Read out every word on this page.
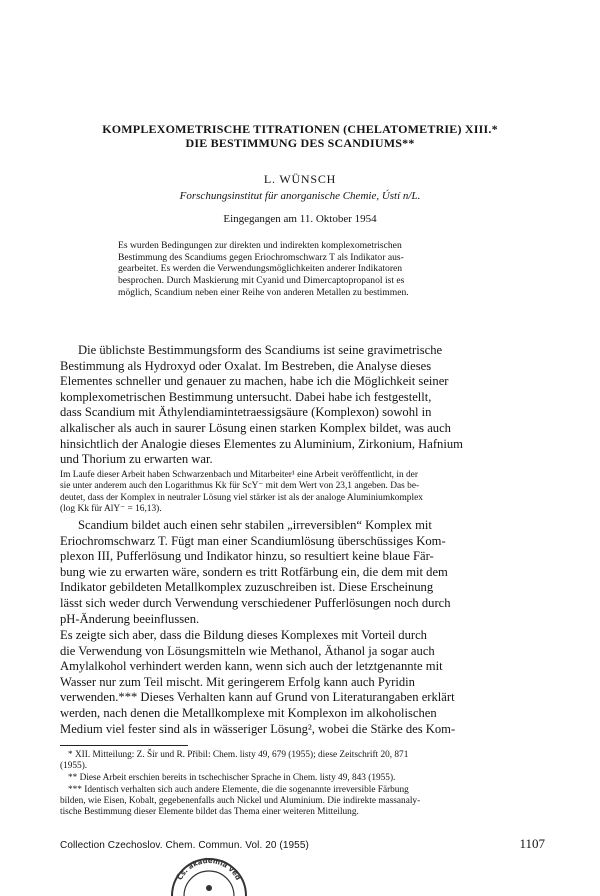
KOMPLEXOMETRISCHE TITRATIONEN (CHELATOMETRIE) XIII.*
DIE BESTIMMUNG DES SCANDIUMS**
L. WÜNSCH
Forschungsinstitut für anorganische Chemie, Ústí n/L.
Eingegangen am 11. Oktober 1954
Es wurden Bedingungen zur direkten und indirekten komplexometrischen
Bestimmung des Scandiums gegen Eriochromschwarz T als Indikator aus-
gearbeitet. Es werden die Verwendungsmöglichkeiten anderer Indikatoren
besprochen. Durch Maskierung mit Cyanid und Dimercaptopropanol ist es
möglich, Scandium neben einer Reihe von anderen Metallen zu bestimmen.
Die üblichste Bestimmungsform des Scandiums ist seine gravimetrische
Bestimmung als Hydroxyd oder Oxalat. Im Bestreben, die Analyse dieses
Elementes schneller und genauer zu machen, habe ich die Möglichkeit seiner
komplexometrischen Bestimmung untersucht. Dabei habe ich festgestellt,
dass Scandium mit Äthylendiamintetraessigsäure (Komplexon) sowohl in
alkalischer als auch in saurer Lösung einen starken Komplex bildet, was auch
hinsichtlich der Analogie dieses Elementes zu Aluminium, Zirkonium, Hafnium
und Thorium zu erwarten war.
Im Laufe dieser Arbeit haben Schwarzenbach und Mitarbeiter¹ eine Arbeit veröffentlicht, in der
sie unter anderem auch den Logarithmus Kk für ScY⁻ mit dem Wert von 23,1 angeben. Das be-
deutet, dass der Komplex in neutraler Lösung viel stärker ist als der analoge Aluminiumkomplex
(log Kk für AlY⁻ = 16,13).
Scandium bildet auch einen sehr stabilen „irreversiblen“ Komplex mit
Eriochromschwarz T. Fügt man einer Scandiumlösung überschüssiges Kom-
plexon III, Pufferlösung und Indikator hinzu, so resultiert keine blaue Fär-
bung wie zu erwarten wäre, sondern es tritt Rotfärbung ein, die dem mit dem
Indikator gebildeten Metallkomplex zuzuschreiben ist. Diese Erscheinung
lässt sich weder durch Verwendung verschiedener Pufferlösungen noch durch
pH-Änderung beeinflussen.
Es zeigte sich aber, dass die Bildung dieses Komplexes mit Vorteil durch
die Verwendung von Lösungsmitteln wie Methanol, Äthanol ja sogar auch
Amylalkohol verhindert werden kann, wenn sich auch der letztgenannte mit
Wasser nur zum Teil mischt. Mit geringerem Erfolg kann auch Pyridin
verwenden.*** Dieses Verhalten kann auf Grund von Literaturangaben erklärt
werden, nach denen die Metallkomplexe mit Komplexon im alkoholischen
Medium viel fester sind als in wässeriger Lösung², wobei die Stärke des Kom-
* XII. Mitteilung: Z. Šír und R. Přibil: Chem. listy 49, 679 (1955); diese Zeitschrift 20, 871
(1955).
** Diese Arbeit erschien bereits in tschechischer Sprache in Chem. listy 49, 843 (1955).
*** Identisch verhalten sich auch andere Elemente, die die sogenannte irreversible Färbung
bilden, wie Eisen, Kobalt, gegebenenfalls auch Nickel und Aluminium. Die indirekte massanaly-
tische Bestimmung dieser Elemente bildet das Thema einer weiteren Mitteilung.
Collection Czechoslov. Chem. Commun. Vol. 20 (1955)	1107
Čs. akademia věd
